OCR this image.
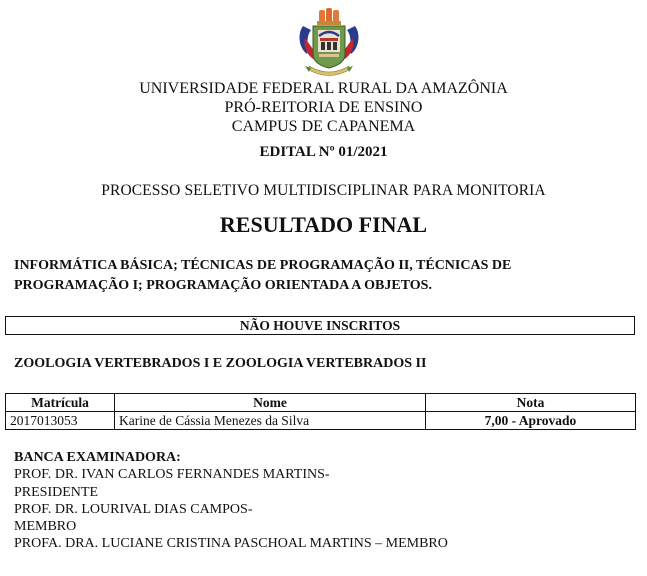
UNIVERSIDADE FEDERAL RURAL DA AMAZÔNIA
PRÓ-REITORIA DE ENSINO
CAMPUS DE CAPANEMA
EDITAL Nº 01/2021
PROCESSO SELETIVO MULTIDISCIPLINAR PARA MONITORIA
RESULTADO FINAL
INFORMÁTICA BÁSICA; TÉCNICAS DE PROGRAMAÇÃO II, TÉCNICAS DE
PROGRAMAÇÃO I; PROGRAMAÇÃO ORIENTADA A OBJETOS.
NÃO HOUVE INSCRITOS
ZOOLOGIA VERTEBRADOS I E ZOOLOGIA VERTEBRADOS II
Matrícula	Nome	Nota
2017013053	Karine de Cássia Menezes da Silva	7,00 - Aprovado
BANCA EXAMINADORA:
PROF. DR. IVAN CARLOS FERNANDES MARTINS-
PRESIDENTE
PROF. DR. LOURIVAL DIAS CAMPOS-
MEMBRO
PROFA. DRA. LUCIANE CRISTINA PASCHOAL MARTINS – MEMBRO
